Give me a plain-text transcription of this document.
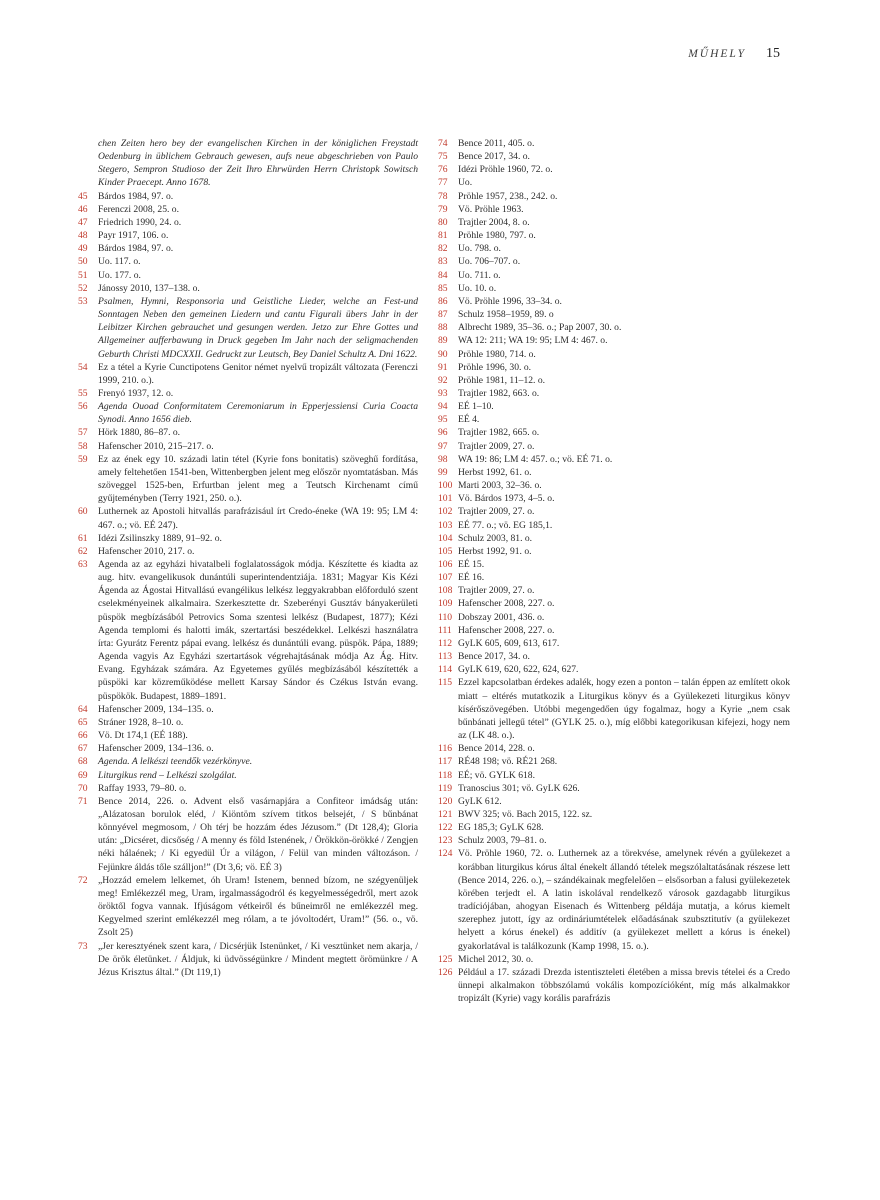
MŰHELY 15
chen Zeiten hero bey der evangelischen Kirchen in der königlichen Freystadt Oedenburg in üblichem Gebrauch gewesen, aufs neue abgeschrieben von Paulo Stegero, Sempron Studioso der Zeit Ihro Ehrwürden Herrn Christopk Sowitsch Kinder Praecept. Anno 1678.
45	Bárdos 1984, 97. o.
46	Ferenczi 2008, 25. o.
47	Friedrich 1990, 24. o.
48	Payr 1917, 106. o.
49	Bárdos 1984, 97. o.
50	Uo. 117. o.
51	Uo. 177. o.
52	Jánossy 2010, 137–138. o.
53	Psalmen, Hymni, Responsoria und Geistliche Lieder, welche an Fest-und Sonntagen Neben den gemeinen Liedern und cantu Figurali übers Jahr in der Leibitzer Kirchen gebrauchet und gesungen werden. Jetzo zur Ehre Gottes und Allgemeiner aufferbawung in Druck gegeben Im Jahr nach der seligmachenden Geburth Christi MDCXXII. Gedruckt zur Leutsch, Bey Daniel Schultz A. Dni 1622.
54	Ez a tétel a Kyrie Cunctipotens Genitor német nyelvű tropizált változata (Ferenczi 1999, 210. o.).
55	Frenyó 1937, 12. o.
56	Agenda Ouoad Conformitatem Ceremoniarum in Epperjessiensi Curia Coacta Synodi. Anno 1656 dieb.
57	Hörk 1880, 86–87. o.
58	Hafenscher 2010, 215–217. o.
59	Ez az ének egy 10. századi latin tétel (Kyrie fons bonitatis) szöveghű fordítása, amely feltehetően 1541-ben, Wittenbergben jelent meg először nyomtatásban. Más szöveggel 1525-ben, Erfurtban jelent meg a Teutsch Kirchenamt című gyűjteményben (Terry 1921, 250. o.).
60	Luthernek az Apostoli hitvallás parafrázisául írt Credo-éneke (WA 19: 95; LM 4: 467. o.; vö. EÉ 247).
61	Idézi Zsilinszky 1889, 91–92. o.
62	Hafenscher 2010, 217. o.
63	Agenda az az egyházi hivatalbeli foglalatosságok módja. Készítette és kiadta az aug. hitv. evangelikusok dunántúli superintendentziája. 1831; Magyar Kis Kézi Ágenda az Ágostai Hitvallású evangélikus lelkész leggyakrabban előforduló szent cselekményeinek alkalmaira. Szerkesztette dr. Szeberényi Gusztáv bányakerületi püspök megbízásából Petrovics Soma szentesi lelkész (Budapest, 1877); Kézi Agenda templomi és halotti imák, szertartási beszédekkel. Lelkészi használatra írta: Gyurátz Ferentz pápai evang. lelkész és dunántúli evang. püspök. Pápa, 1889; Agenda vagyis Az Egyházi szertartások végrehajtásának módja Az Ág. Hitv. Evang. Egyházak számára. Az Egyetemes gyűlés megbízásából készítették a püspöki kar közreműködése mellett Karsay Sándor és Czékus István evang. püspökök. Budapest, 1889–1891.
64	Hafenscher 2009, 134–135. o.
65	Stráner 1928, 8–10. o.
66	Vö. Dt 174,1 (EÉ 188).
67	Hafenscher 2009, 134–136. o.
68	Agenda. A lelkészi teendők vezérkönyve.
69	Liturgikus rend – Lelkészi szolgálat.
70	Raffay 1933, 79–80. o.
71	Bence 2014, 226. o. Advent első vasárnapjára a Confiteor imádság után: „Alázatosan borulok eléd, / Kiöntöm szívem titkos belsejét, / S bűnbánat könnyével megmosom, / Oh térj be hozzám édes Jézusom.” (Dt 128,4); Gloria után: „Dicséret, dicsőség / A menny és föld Istenének, / Örökkön-örökké / Zengjen néki hálaének; / Ki egyedül Úr a világon, / Felül van minden változáson. / Fejünkre áldás tőle szálljon!” (Dt 3,6; vö. EÉ 3)
72	„Hozzád emelem lelkemet, óh Uram! Istenem, benned bízom, ne szégyenüljek meg! Emlékezzél meg, Uram, irgalmasságodról és kegyelmességedről, mert azok öröktől fogva vannak. Ifjúságom vétkeiről és bűneimről ne emlékezzél meg. Kegyelmed szerint emlékezzél meg rólam, a te jóvoltodért, Uram!” (56. o., vö. Zsolt 25)
73	„Jer keresztyének szent kara, / Dicsérjük Istenünket, / Ki vesztünket nem akarja, / De örök életünket. / Áldjuk, ki üdvösségünkre / Mindent megtett örömünkre / A Jézus Krisztus által.” (Dt 119,1)
74	Bence 2011, 405. o.
75	Bence 2017, 34. o.
76	Idézi Pröhle 1960, 72. o.
77	Uo.
78	Pröhle 1957, 238., 242. o.
79	Vö. Pröhle 1963.
80	Trajtler 2004, 8. o.
81	Pröhle 1980, 797. o.
82	Uo. 798. o.
83	Uo. 706–707. o.
84	Uo. 711. o.
85	Uo. 10. o.
86	Vö. Pröhle 1996, 33–34. o.
87	Schulz 1958–1959, 89. o
88	Albrecht 1989, 35–36. o.; Pap 2007, 30. o.
89	WA 12: 211; WA 19: 95; LM 4: 467. o.
90	Pröhle 1980, 714. o.
91	Pröhle 1996, 30. o.
92	Pröhle 1981, 11–12. o.
93	Trajtler 1982, 663. o.
94	EÉ 1–10.
95	EÉ 4.
96	Trajtler 1982, 665. o.
97	Trajtler 2009, 27. o.
98	WA 19: 86; LM 4: 457. o.; vö. EÉ 71. o.
99	Herbst 1992, 61. o.
100 Marti 2003, 32–36. o.
101 Vö. Bárdos 1973, 4–5. o.
102 Trajtler 2009, 27. o.
103 EÉ 77. o.; vö. EG 185,1.
104 Schulz 2003, 81. o.
105 Herbst 1992, 91. o.
106 EÉ 15.
107 EÉ 16.
108 Trajtler 2009, 27. o.
109 Hafenscher 2008, 227. o.
110 Dobszay 2001, 436. o.
111 Hafenscher 2008, 227. o.
112 GyLK 605, 609, 613, 617.
113 Bence 2017, 34. o.
114 GyLK 619, 620, 622, 624, 627.
115 Ezzel kapcsolatban érdekes adalék, hogy ezen a ponton – talán éppen az említett okok miatt – eltérés mutatkozik a Liturgikus könyv és a Gyülekezeti liturgikus könyv kísérőszövegében. Utóbbi megengedően úgy fogalmaz, hogy a Kyrie „nem csak bűnbánati jellegű tétel” (GYLK 25. o.), míg előbbi kategorikusan kifejezi, hogy nem az (LK 48. o.).
116 Bence 2014, 228. o.
117 RÉ48 198; vö. RÉ21 268.
118 EÉ; vö. GYLK 618.
119 Tranoscius 301; vö. GyLK 626.
120 GyLK 612.
121 BWV 325; vö. Bach 2015, 122. sz.
122 EG 185,3; GyLK 628.
123 Schulz 2003, 79–81. o.
124 Vö. Pröhle 1960, 72. o. Luthernek az a törekvése, amelynek révén a gyülekezet a korábban liturgikus kórus által énekelt állandó tételek megszólaltatásának részese lett (Bence 2014, 226. o.), – szándékainak megfelelően – elsősorban a falusi gyülekezetek körében terjedt el. A latin iskolával rendelkező városok gazdagabb liturgikus tradíciójában, ahogyan Eisenach és Wittenberg példája mutatja, a kórus kiemelt szerephez jutott, így az ordináriumtételek előadásának szubsztitutív (a gyülekezet helyett a kórus énekel) és additív (a gyülekezet mellett a kórus is énekel) gyakorlatával is találkozunk (Kamp 1998, 15. o.).
125 Michel 2012, 30. o.
126 Például a 17. századi Drezda istentiszteleti életében a missa brevis tételei és a Credo ünnepi alkalmakon többszólamú vokális kompozícióként, míg más alkalmakkor tropizált (Kyrie) vagy korális parafrázis
